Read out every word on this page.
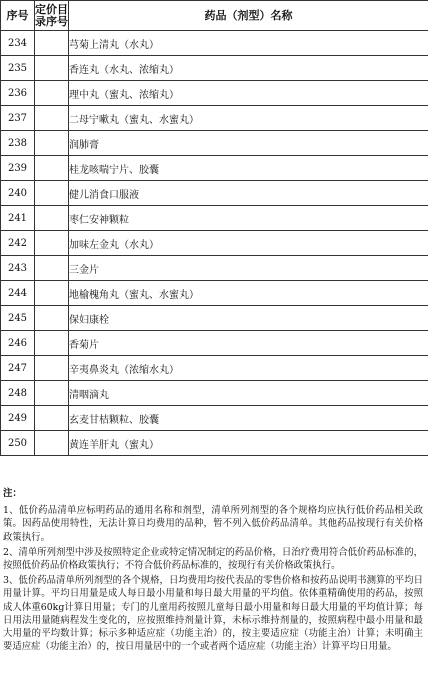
序号	定价目录序号	药品（剂型）名称
234		芎菊上清丸（水丸）
235		香连丸（水丸、浓缩丸）
236		理中丸（蜜丸、浓缩丸）
237		二母宁嗽丸（蜜丸、水蜜丸）
238		润肺膏
239		桂龙咳喘宁片、胶囊
240		健儿消食口服液
241		枣仁安神颗粒
242		加味左金丸（水丸）
243		三金片
244		地榆槐角丸（蜜丸、水蜜丸）
245		保妇康栓
246		香菊片
247		辛夷鼻炎丸（浓缩水丸）
248		清咽滴丸
249		玄麦甘桔颗粒、胶囊
250		黄连羊肝丸（蜜丸）
注：

1、低价药品清单应标明药品的通用名称和剂型，清单所列剂型的各个规格均应执行低价药品相关政策。因药品使用特性，无法计算日均费用的品种，暂不列入低价药品清单。其他药品按现行有关价格政策执行。

2、清单所列剂型中涉及按照特定企业或特定情况制定的药品价格，日治疗费用符合低价药品标准的，按照低价药品价格政策执行；不符合低价药品标准的，按现行有关价格政策执行。

3、低价药品清单所列剂型的各个规格，日均费用均按代表品的零售价格和按药品说明书测算的平均日用量计算。平均日用量是成人每日最小用量和每日最大用量的平均值。依体重精确使用的药品，按照成人体重60kg计算日用量；专门的儿童用药按照儿童每日最小用量和每日最大用量的平均值计算；每日用法用量随病程发生变化的，应按照维持剂量计算，未标示维持剂量的，按照病程中最小用量和最大用量的平均数计算；标示多种适应症（功能主治）的，按主要适应症（功能主治）计算；未明确主要适应症（功能主治）的，按日用量居中的一个或者两个适应症（功能主治）计算平均日用量。
